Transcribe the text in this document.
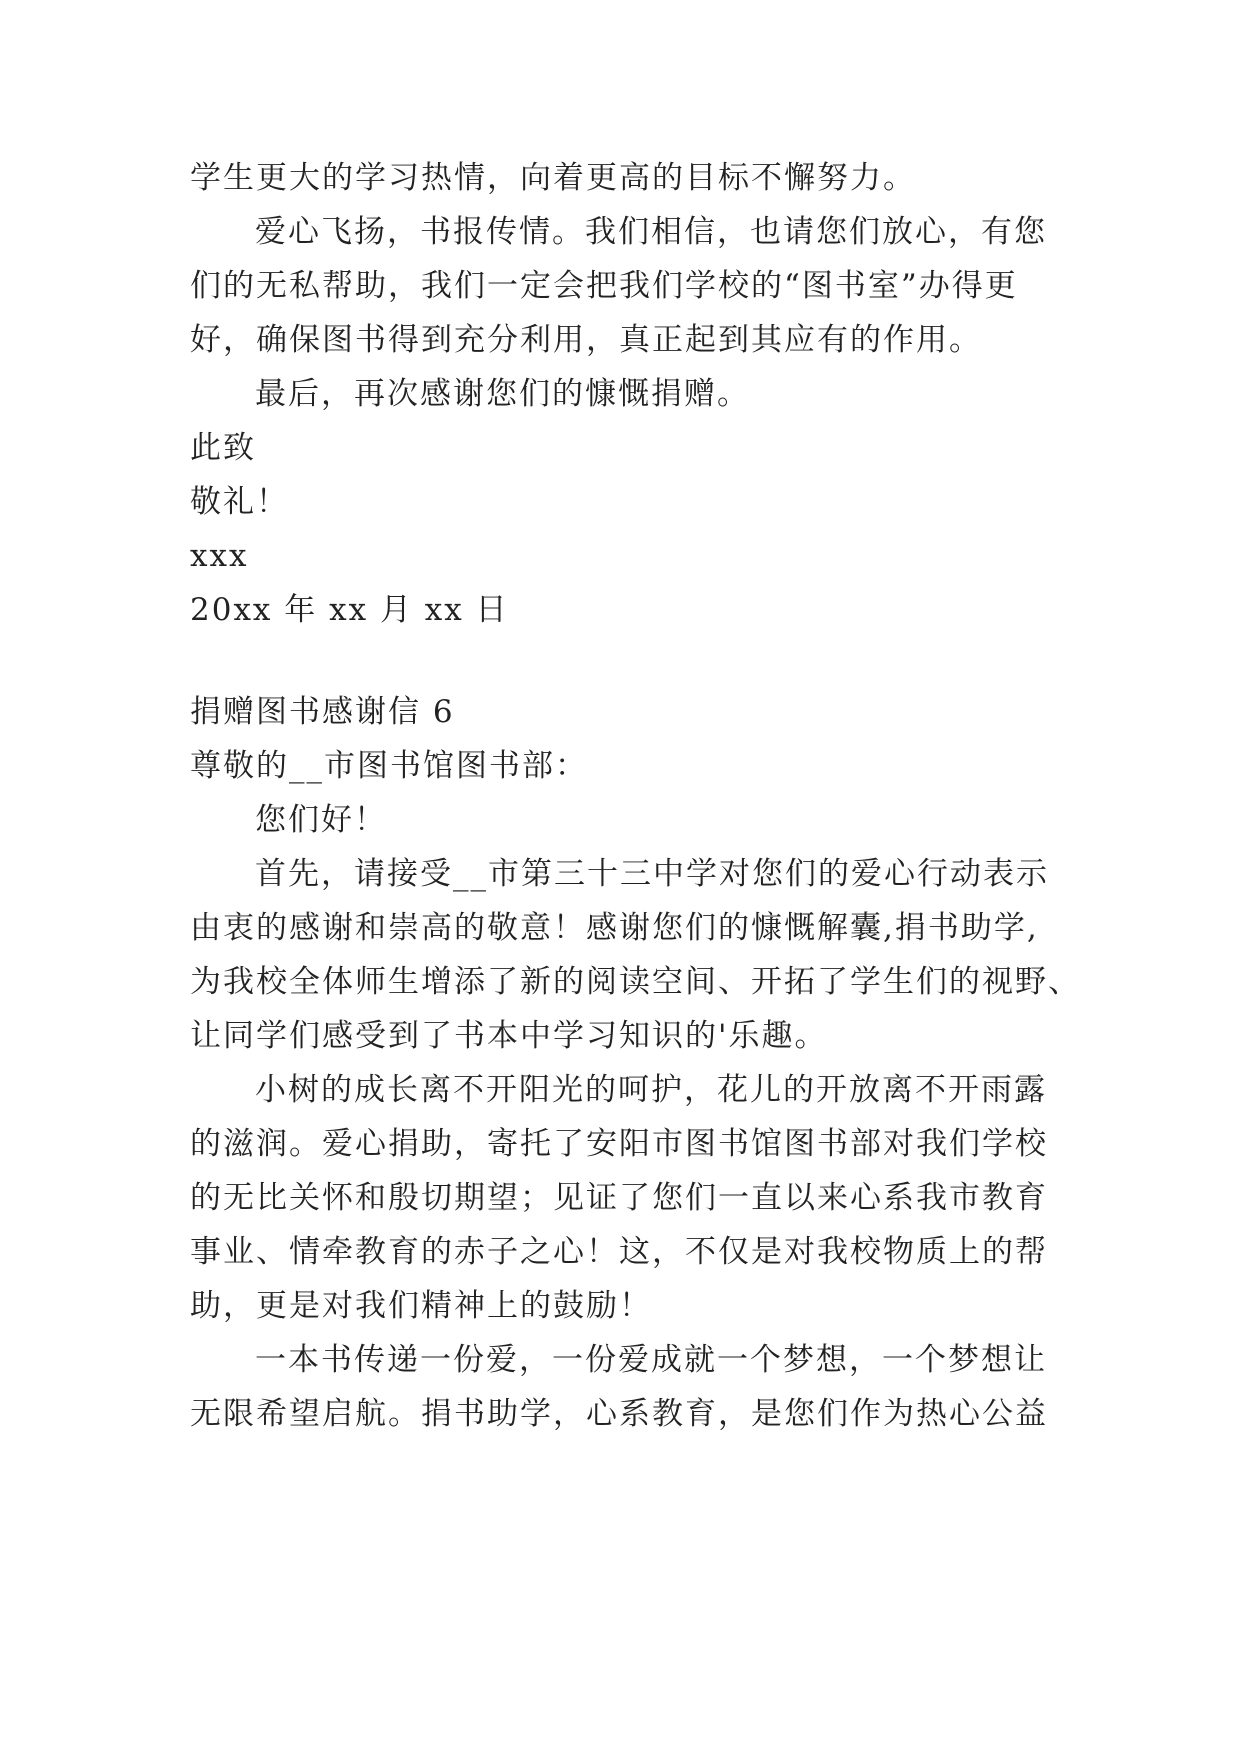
学生更大的学习热情，向着更高的目标不懈努力。
爱心飞扬，书报传情。我们相信，也请您们放心，有您
们的无私帮助，我们一定会把我们学校的“图书室”办得更
好，确保图书得到充分利用，真正起到其应有的作用。
最后，再次感谢您们的慷慨捐赠。
此致
敬礼！
xxx
20xx 年 xx 月 xx 日
捐赠图书感谢信 6
尊敬的__市图书馆图书部：
您们好！
首先，请接受__市第三十三中学对您们的爱心行动表示
由衷的感谢和崇高的敬意！感谢您们的慷慨解囊,捐书助学,
为我校全体师生增添了新的阅读空间、开拓了学生们的视野、
让同学们感受到了书本中学习知识的'乐趣。
小树的成长离不开阳光的呵护，花儿的开放离不开雨露
的滋润。爱心捐助，寄托了安阳市图书馆图书部对我们学校
的无比关怀和殷切期望；见证了您们一直以来心系我市教育
事业、情牵教育的赤子之心！这，不仅是对我校物质上的帮
助，更是对我们精神上的鼓励！
一本书传递一份爱，一份爱成就一个梦想，一个梦想让
无限希望启航。捐书助学，心系教育，是您们作为热心公益
